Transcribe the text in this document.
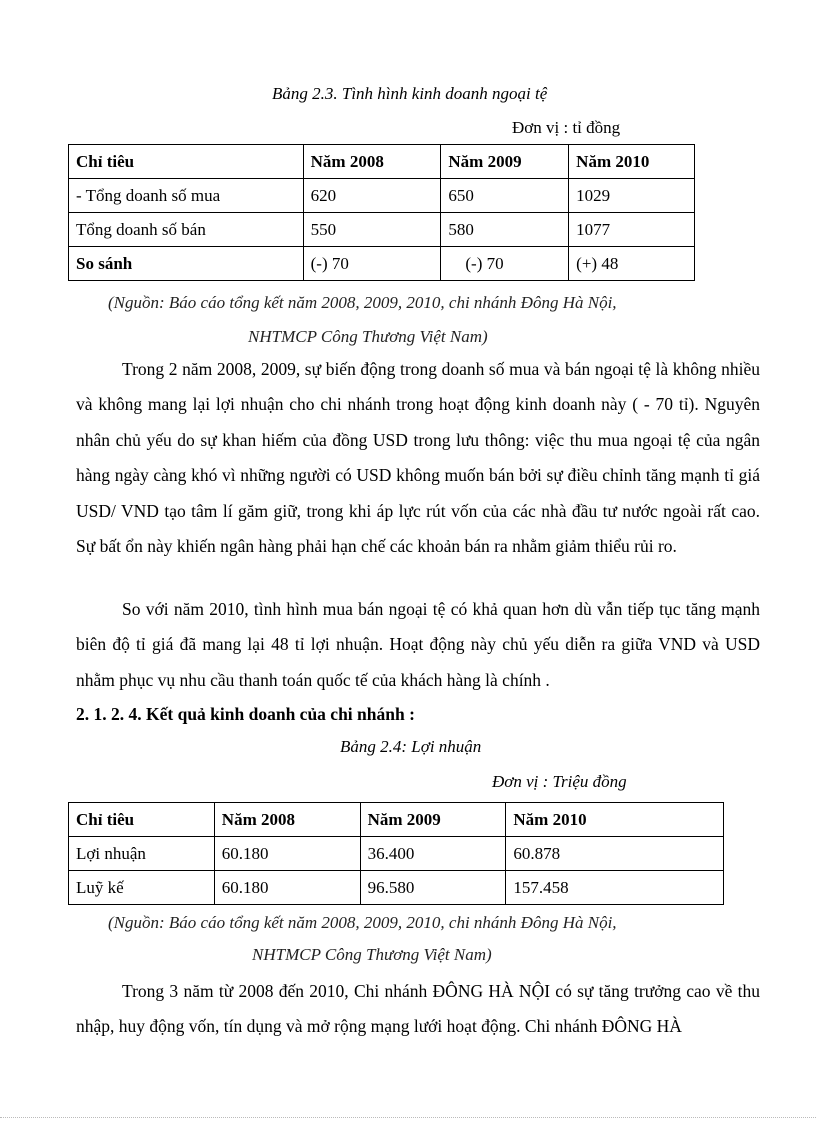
Bảng 2.3. Tình hình kinh doanh ngoại tệ
Đơn vị : tỉ đồng
Chỉ tiêu	Năm 2008	Năm 2009	Năm 2010
- Tổng doanh số mua	620	650	1029
Tổng doanh số bán	550	580	1077
So sánh	(-) 70	(-) 70	(+) 48
(Nguồn: Báo cáo tổng kết năm 2008, 2009, 2010, chi nhánh Đông Hà Nội,
NHTMCP Công Thương Việt Nam)

Trong 2 năm 2008, 2009, sự biến động trong doanh số mua và bán ngoại tệ là không nhiều và không mang lại lợi nhuận cho chi nhánh trong hoạt động kinh doanh này ( - 70 tỉ). Nguyên nhân chủ yếu do sự khan hiếm của đồng USD trong lưu thông: việc thu mua ngoại tệ của ngân hàng ngày càng khó vì những người có USD không muốn bán bởi sự điều chỉnh tăng mạnh tỉ giá USD/ VND tạo tâm lí găm giữ, trong khi áp lực rút vốn của các nhà đầu tư nước ngoài rất cao. Sự bất ổn này khiến ngân hàng phải hạn chế các khoản bán ra nhằm giảm thiểu rủi ro.

So với năm 2010, tình hình mua bán ngoại tệ có khả quan hơn dù vẫn tiếp tục tăng mạnh biên độ tỉ giá đã mang lại 48 tỉ lợi nhuận. Hoạt động này chủ yếu diễn ra giữa VND và USD nhằm phục vụ nhu cầu thanh toán quốc tế của khách hàng là chính .

2. 1. 2. 4. Kết quả kinh doanh của chi nhánh :
Bảng 2.4: Lợi nhuận
Đơn vị : Triệu đồng
Chỉ tiêu	Năm 2008	Năm 2009	Năm 2010
Lợi nhuận	60.180	36.400	60.878
Luỹ kế	60.180	96.580	157.458
(Nguồn: Báo cáo tổng kết năm 2008, 2009, 2010, chi nhánh Đông Hà Nội,
NHTMCP Công Thương Việt Nam)

Trong 3 năm từ 2008 đến 2010, Chi nhánh ĐÔNG HÀ NỘI có sự tăng trưởng cao về thu nhập, huy động vốn, tín dụng và mở rộng mạng lưới hoạt động. Chi nhánh ĐÔNG HÀ
